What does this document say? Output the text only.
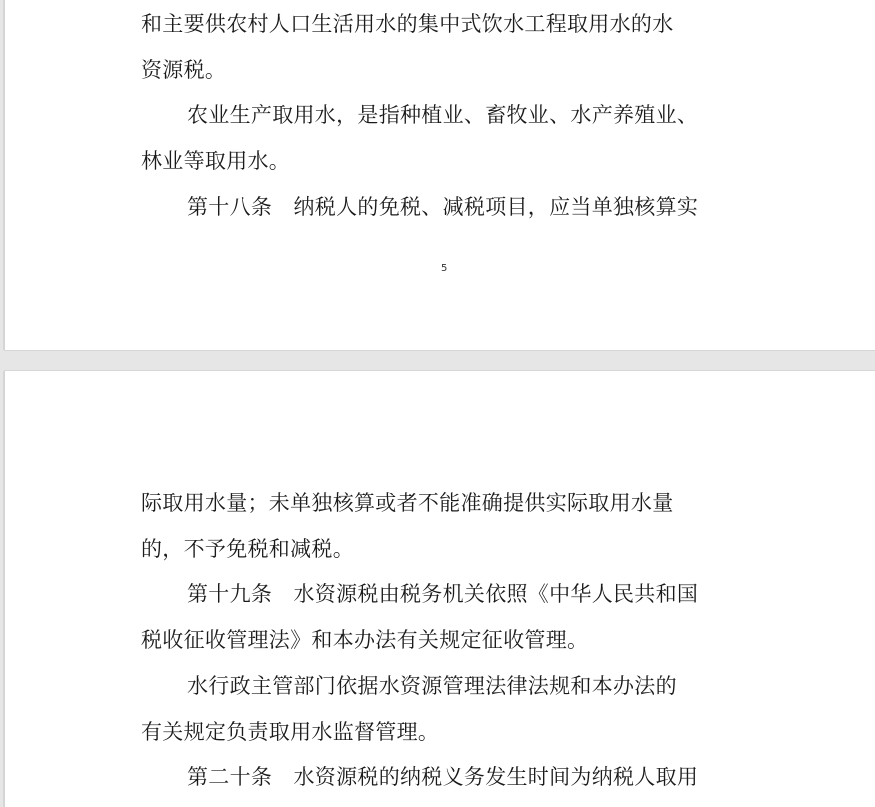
和主要供农村人口生活用水的集中式饮水工程取用水的水

资源税。

农业生产取用水，是指种植业、畜牧业、水产养殖业、

林业等取用水。

第十八条　纳税人的免税、减税项目，应当单独核算实

5

际取用水量；未单独核算或者不能准确提供实际取用水量

的，不予免税和减税。

第十九条　水资源税由税务机关依照《中华人民共和国

税收征收管理法》和本办法有关规定征收管理。

水行政主管部门依据水资源管理法律法规和本办法的

有关规定负责取用水监督管理。

第二十条　水资源税的纳税义务发生时间为纳税人取用
